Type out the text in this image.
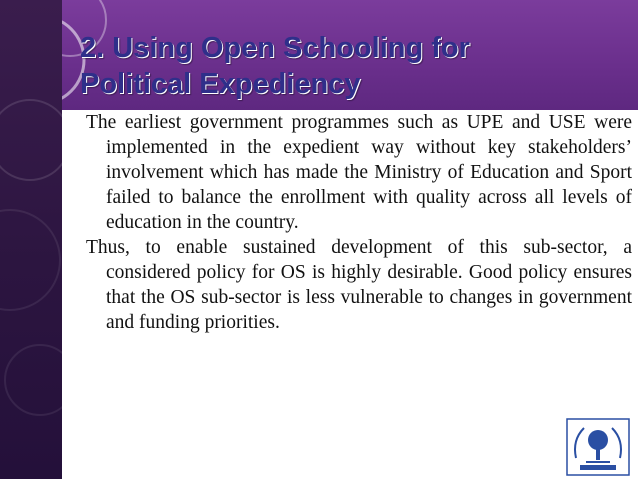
2. Using Open Schooling for
Political Expediency

The earliest government programmes such as UPE and USE were implemented in the expedient way without key stakeholders’ involvement which has made the Ministry of Education and Sport failed to balance the enrollment with quality across all levels of education in the country.

Thus, to enable sustained development of this sub-sector, a considered policy for OS is highly desirable. Good policy ensures that the OS sub-sector is less vulnerable to changes in government and funding priorities.
